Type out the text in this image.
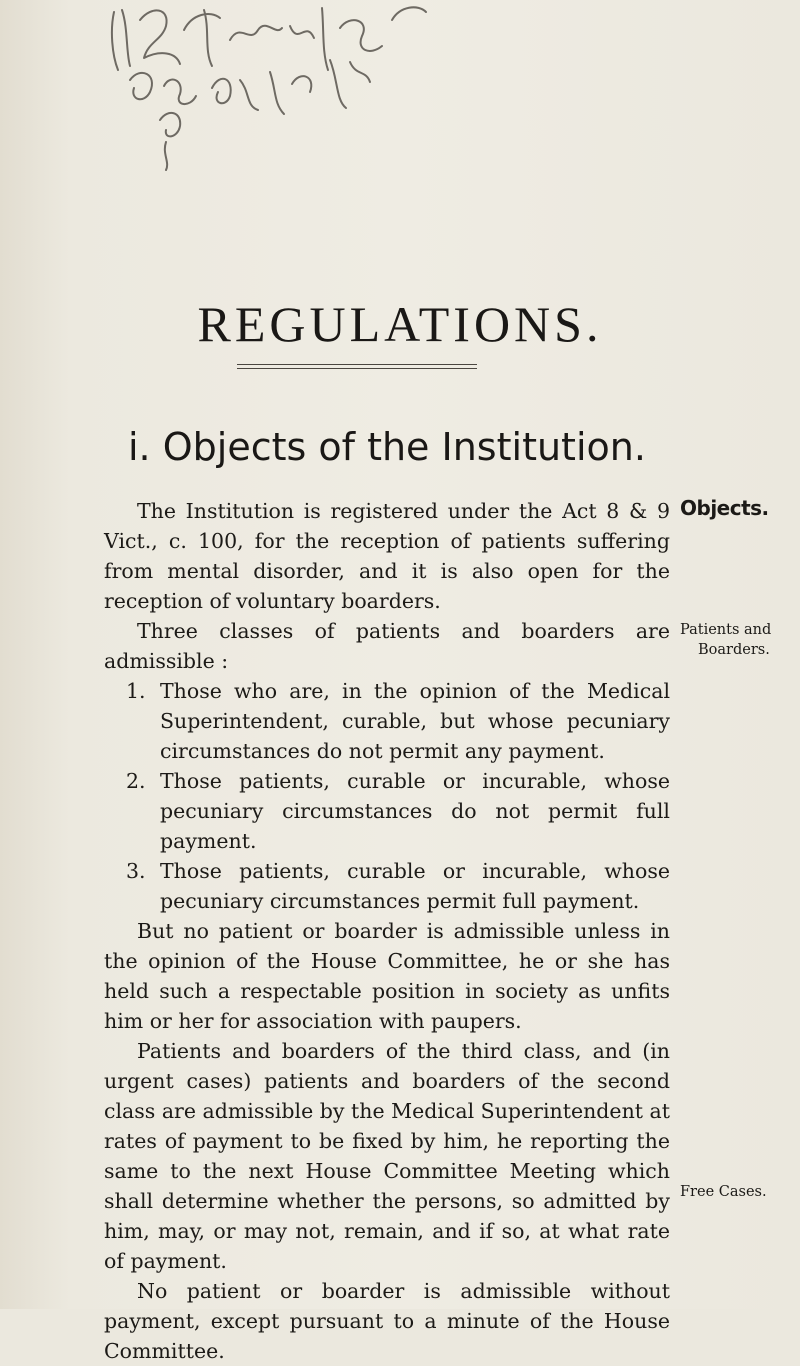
REGULATIONS.
i. Objects of the Institution.

The Institution is registered under the Act 8 & 9 Vict., c. 100, for the reception of patients suffering from mental disorder, and it is also open for the reception of voluntary boarders.

Three classes of patients and boarders are admissible :

1. Those who are, in the opinion of the Medical Superintendent, curable, but whose pecuniary circumstances do not permit any payment.
2. Those patients, curable or incurable, whose pecuniary circumstances do not permit full payment.
3. Those patients, curable or incurable, whose pecuniary circumstances permit full payment.

But no patient or boarder is admissible unless in the opinion of the House Committee, he or she has held such a respectable position in society as unfits him or her for association with paupers.

Patients and boarders of the third class, and (in urgent cases) patients and boarders of the second class are admissible by the Medical Superintendent at rates of payment to be fixed by him, he reporting the same to the next House Committee Meeting which shall determine whether the persons, so admitted by him, may, or may not, remain, and if so, at what rate of payment.

No patient or boarder is admissible without payment, except pursuant to a minute of the House Committee.

Objects.
Patients and
Boarders.
Free Cases.
